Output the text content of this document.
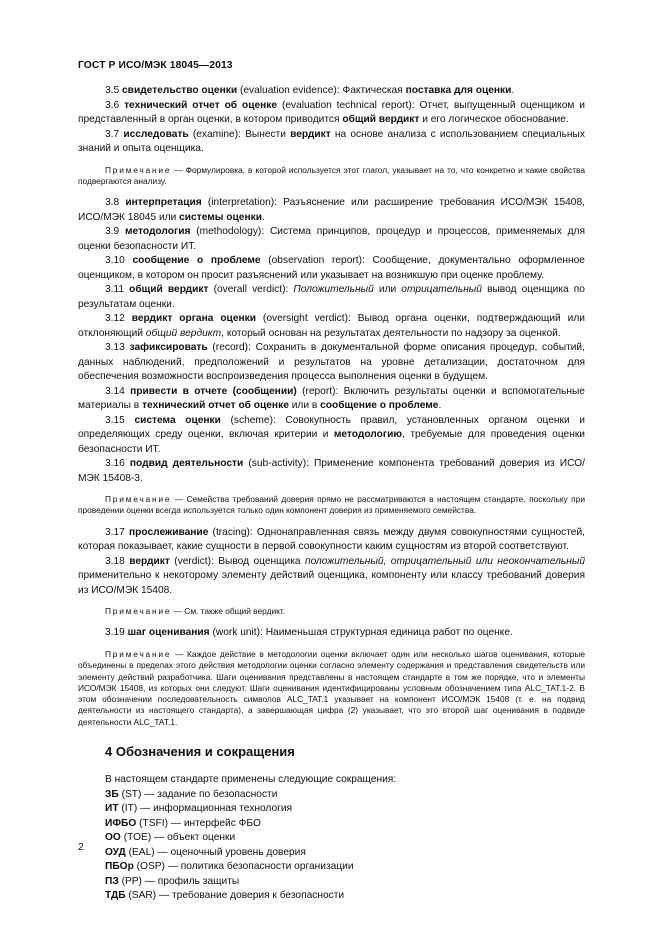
ГОСТ Р ИСО/МЭК 18045—2013

3.5 свидетельство оценки (evaluation evidence): Фактическая поставка для оценки.

3.6 технический отчет об оценке (evaluation technical report): Отчет, выпущенный оценщиком и представленный в орган оценки, в котором приводится общий вердикт и его логическое обоснование.

3.7 исследовать (examine): Вынести вердикт на основе анализа с использованием специальных знаний и опыта оценщика.

Примечание — Формулировка, в которой используется этот глагол, указывает на то, что конкретно и какие свойства подвергаются анализу.

3.8 интерпретация (interpretation): Разъяснение или расширение требования ИСО/МЭК 15408, ИСО/МЭК 18045 или системы оценки.

3.9 методология (methodology): Система принципов, процедур и процессов, применяемых для оценки безопасности ИТ.

3.10 сообщение о проблеме (observation report): Сообщение, документально оформленное оценщиком, в котором он просит разъяснений или указывает на возникшую при оценке проблему.

3.11 общий вердикт (overall verdict): Положительный или отрицательный вывод оценщика по результатам оценки.

3.12 вердикт органа оценки (oversight verdict): Вывод органа оценки, подтверждающий или отклоняющий общий вердикт, который основан на результатах деятельности по надзору за оценкой.

3.13 зафиксировать (record): Сохранить в документальной форме описания процедур, событий, данных наблюдений, предположений и результатов на уровне детализации, достаточном для обеспечения возможности воспроизведения процесса выполнения оценки в будущем.

3.14 привести в отчете (сообщении) (report): Включить результаты оценки и вспомогательные материалы в технический отчет об оценке или в сообщение о проблеме.

3.15 система оценки (scheme): Совокупность правил, установленных органом оценки и определяющих среду оценки, включая критерии и методологию, требуемые для проведения оценки безопасности ИТ.

3.16 подвид деятельности (sub-activity): Применение компонента требований доверия из ИСО/МЭК 15408-3.

Примечание — Семейства требований доверия прямо не рассматриваются в настоящем стандарте, поскольку при проведении оценки всегда используется только один компонент доверия из применяемого семейства.

3.17 прослеживание (tracing): Однонаправленная связь между двумя совокупностями сущностей, которая показывает, какие сущности в первой совокупности каким сущностям из второй соответствуют.

3.18 вердикт (verdict): Вывод оценщика положительный, отрицательный или неокончательный применительно к некоторому элементу действий оценщика, компоненту или классу требований доверия из ИСО/МЭК 15408.

Примечание — См. также общий вердикт.

3.19 шаг оценивания (work unit): Наименьшая структурная единица работ по оценке.

Примечание — Каждое действие в методологии оценки включает один или несколько шагов оценивания, которые объединены в пределах этого действия методологии оценки согласно элементу содержания и представления свидетельств или элементу действий разработчика. Шаги оценивания представлены в настоящем стандарте в том же порядке, что и элементы ИСО/МЭК 15408, из которых они следуют. Шаги оценивания идентифицированы условным обозначением типа ALC_TAT.1-2. В этом обозначении последовательность символов ALC_TAT.1 указывает на компонент ИСО/МЭК 15408 (т. е. на подвид деятельности из настоящего стандарта), а завершающая цифра (2) указывает, что это второй шаг оценивания в подвиде деятельности ALC_TAT.1.

4 Обозначения и сокращения

В настоящем стандарте применены следующие сокращения:

ЗБ (ST) — задание по безопасности
ИТ (IT) — информационная технология
ИФБО (TSFI) — интерфейс ФБО
ОО (TOE) — объект оценки
ОУД (EAL) — оценочный уровень доверия
ПБОр (OSP) — политика безопасности организации
ПЗ (PP) — профиль защиты
ТДБ (SAR) — требование доверия к безопасности
2
